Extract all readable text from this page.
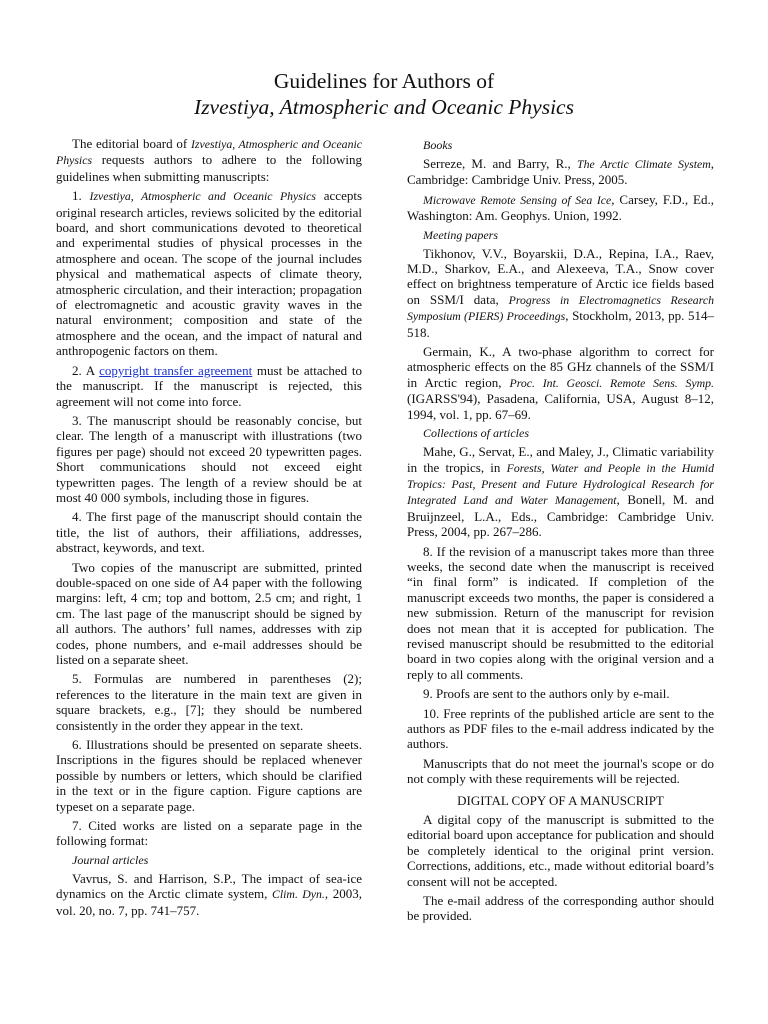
Guidelines for Authors of
Izvestiya, Atmospheric and Oceanic Physics

The editorial board of Izvestiya, Atmospheric and Oceanic Physics requests authors to adhere to the following guidelines when submitting manuscripts:

1. Izvestiya, Atmospheric and Oceanic Physics accepts original research articles, reviews solicited by the editorial board, and short communications devoted to theoretical and experimental studies of physical processes in the atmosphere and ocean. The scope of the journal includes physical and mathematical aspects of climate theory, atmospheric circulation, and their interaction; propagation of electromagnetic and acoustic gravity waves in the natural environment; composition and state of the atmosphere and the ocean, and the impact of natural and anthropogenic factors on them.

2. A copyright transfer agreement must be attached to the manuscript. If the manuscript is rejected, this agreement will not come into force.

3. The manuscript should be reasonably concise, but clear. The length of a manuscript with illustrations (two figures per page) should not exceed 20 typewritten pages. Short communications should not exceed eight typewritten pages. The length of a review should be at most 40 000 symbols, including those in figures.

4. The first page of the manuscript should contain the title, the list of authors, their affiliations, addresses, abstract, keywords, and text.

Two copies of the manuscript are submitted, printed double-spaced on one side of A4 paper with the following margins: left, 4 cm; top and bottom, 2.5 cm; and right, 1 cm. The last page of the manuscript should be signed by all authors. The authors’ full names, addresses with zip codes, phone numbers, and e-mail addresses should be listed on a separate sheet.

5. Formulas are numbered in parentheses (2); references to the literature in the main text are given in square brackets, e.g., [7]; they should be numbered consistently in the order they appear in the text.

6. Illustrations should be presented on separate sheets. Inscriptions in the figures should be replaced whenever possible by numbers or letters, which should be clarified in the text or in the figure caption. Figure captions are typeset on a separate page.

7. Cited works are listed on a separate page in the following format:

Journal articles

Vavrus, S. and Harrison, S.P., The impact of sea-ice dynamics on the Arctic climate system, Clim. Dyn., 2003, vol. 20, no. 7, pp. 741–757.

Books

Serreze, M. and Barry, R., The Arctic Climate System, Cambridge: Cambridge Univ. Press, 2005.

Microwave Remote Sensing of Sea Ice, Carsey, F.D., Ed., Washington: Am. Geophys. Union, 1992.

Meeting papers

Tikhonov, V.V., Boyarskii, D.A., Repina, I.A., Raev, M.D., Sharkov, E.A., and Alexeeva, T.A., Snow cover effect on brightness temperature of Arctic ice fields based on SSM/I data, Progress in Electromagnetics Research Symposium (PIERS) Proceedings, Stockholm, 2013, pp. 514–518.

Germain, K., A two-phase algorithm to correct for atmospheric effects on the 85 GHz channels of the SSM/I in Arctic region, Proc. Int. Geosci. Remote Sens. Symp. (IGARSS'94), Pasadena, California, USA, August 8–12, 1994, vol. 1, pp. 67–69.

Collections of articles

Mahe, G., Servat, E., and Maley, J., Climatic variability in the tropics, in Forests, Water and People in the Humid Tropics: Past, Present and Future Hydrological Research for Integrated Land and Water Management, Bonell, M. and Bruijnzeel, L.A., Eds., Cambridge: Cambridge Univ. Press, 2004, pp. 267–286.

8. If the revision of a manuscript takes more than three weeks, the second date when the manuscript is received “in final form” is indicated. If completion of the manuscript exceeds two months, the paper is considered a new submission. Return of the manuscript for revision does not mean that it is accepted for publication. The revised manuscript should be resubmitted to the editorial board in two copies along with the original version and a reply to all comments.

9. Proofs are sent to the authors only by e-mail.

10. Free reprints of the published article are sent to the authors as PDF files to the e-mail address indicated by the authors.

Manuscripts that do not meet the journal's scope or do not comply with these requirements will be rejected.

DIGITAL COPY OF A MANUSCRIPT

A digital copy of the manuscript is submitted to the editorial board upon acceptance for publication and should be completely identical to the original print version. Corrections, additions, etc., made without editorial board’s consent will not be accepted.

The e-mail address of the corresponding author should be provided.
